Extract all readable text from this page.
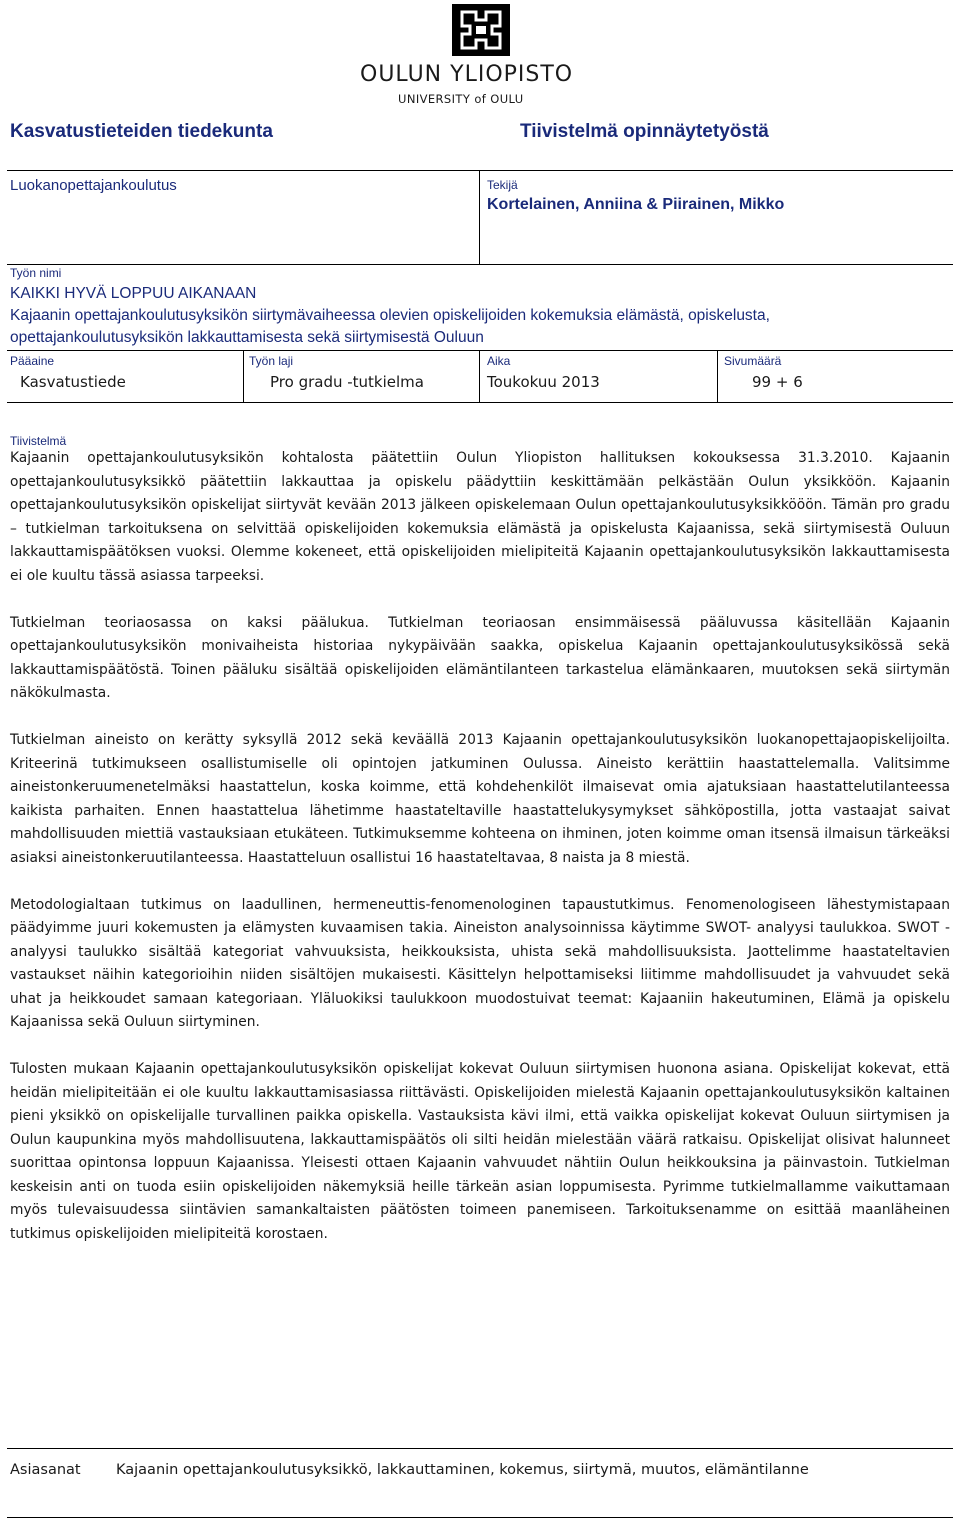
OULUN YLIOPISTO
UNIVERSITY of OULU
Kasvatustieteiden tiedekunta	Tiivistelmä opinnäytetyöstä
Luokanopettajankoulutus	Tekijä
Kortelainen, Anniina & Piirainen, Mikko
Työn nimi
KAIKKI HYVÄ LOPPUU AIKANAAN
Kajaanin opettajankoulutusyksikön siirtymävaiheessa olevien opiskelijoiden kokemuksia elämästä, opiskelusta,
opettajankoulutusyksikön lakkauttamisesta sekä siirtymisestä Ouluun
Pääaine
Kasvatustiede
Työn laji
Pro gradu -tutkielma
Aika
Toukokuu 2013
Sivumäärä
99 + 6
Tiivistelmä

Kajaanin opettajankoulutusyksikön kohtalosta päätettiin Oulun Yliopiston hallituksen kokouksessa 31.3.2010. Kajaanin opettajankoulutusyksikkö päätettiin lakkauttaa ja opiskelu päädyttiin keskittämään pelkästään Oulun yksikköön. Kajaanin opettajankoulutusyksikön opiskelijat siirtyvät kevään 2013 jälkeen opiskelemaan Oulun opettajankoulutusyksikkööön. Tämän pro gradu – tutkielman tarkoituksena on selvittää opiskelijoiden kokemuksia elämästä ja opiskelusta Kajaanissa, sekä siirtymisestä Ouluun lakkauttamispäätöksen vuoksi. Olemme kokeneet, että opiskelijoiden mielipiteitä Kajaanin opettajankoulutusyksikön lakkauttamisesta ei ole kuultu tässä asiassa tarpeeksi.

Tutkielman teoriaosassa on kaksi päälukua. Tutkielman teoriaosan ensimmäisessä pääluvussa käsitellään Kajaanin opettajankoulutusyksikön monivaiheista historiaa nykypäivään saakka, opiskelua Kajaanin opettajankoulutusyksikössä sekä lakkauttamispäätöstä. Toinen pääluku sisältää opiskelijoiden elämäntilanteen tarkastelua elämänkaaren, muutoksen sekä siirtymän näkökulmasta.

Tutkielman aineisto on kerätty syksyllä 2012 sekä keväällä 2013 Kajaanin opettajankoulutusyksikön luokanopettajaopiskelijoilta. Kriteerinä tutkimukseen osallistumiselle oli opintojen jatkuminen Oulussa. Aineisto kerättiin haastattelemalla. Valitsimme aineistonkeruumenetelmäksi haastattelun, koska koimme, että kohdehenkilöt ilmaisevat omia ajatuksiaan haastattelutilanteessa kaikista parhaiten. Ennen haastattelua lähetimme haastateltaville haastattelukysymykset sähköpostilla, jotta vastaajat saivat mahdollisuuden miettiä vastauksiaan etukäteen. Tutkimuksemme kohteena on ihminen, joten koimme oman itsensä ilmaisun tärkeäksi asiaksi aineistonkeruutilanteessa. Haastatteluun osallistui 16 haastateltavaa, 8 naista ja 8 miestä.

Metodologialtaan tutkimus on laadullinen, hermeneuttis-fenomenologinen tapaustutkimus. Fenomenologiseen lähestymistapaan päädyimme juuri kokemusten ja elämysten kuvaamisen takia. Aineiston analysoinnissa käytimme SWOT- analyysi taulukkoa. SWOT -analyysi taulukko sisältää kategoriat vahvuuksista, heikkouksista, uhista sekä mahdollisuuksista. Jaottelimme haastateltavien vastaukset näihin kategorioihin niiden sisältöjen mukaisesti. Käsittelyn helpottamiseksi liitimme mahdollisuudet ja vahvuudet sekä uhat ja heikkoudet samaan kategoriaan. Yläluokiksi taulukkoon muodostuivat teemat: Kajaaniin hakeutuminen, Elämä ja opiskelu Kajaanissa sekä Ouluun siirtyminen.

Tulosten mukaan Kajaanin opettajankoulutusyksikön opiskelijat kokevat Ouluun siirtymisen huonona asiana. Opiskelijat kokevat, että heidän mielipiteitään ei ole kuultu lakkauttamisasiassa riittävästi. Opiskelijoiden mielestä Kajaanin opettajankoulutusyksikön kaltainen pieni yksikkö on opiskelijalle turvallinen paikka opiskella. Vastauksista kävi ilmi, että vaikka opiskelijat kokevat Ouluun siirtymisen ja Oulun kaupunkina myös mahdollisuutena, lakkauttamispäätös oli silti heidän mielestään väärä ratkaisu. Opiskelijat olisivat halunneet suorittaa opintonsa loppuun Kajaanissa. Yleisesti ottaen Kajaanin vahvuudet nähtiin Oulun heikkouksina ja päinvastoin. Tutkielman keskeisin anti on tuoda esiin opiskelijoiden näkemyksiä heille tärkeän asian loppumisesta. Pyrimme tutkielmallamme vaikuttamaan myös tulevaisuudessa siintävien samankaltaisten päätösten toimeen panemiseen. Tarkoituksenamme on esittää maanläheinen tutkimus opiskelijoiden mielipiteitä korostaen.

Asiasanat Kajaanin opettajankoulutusyksikkö, lakkauttaminen, kokemus, siirtymä, muutos, elämäntilanne
